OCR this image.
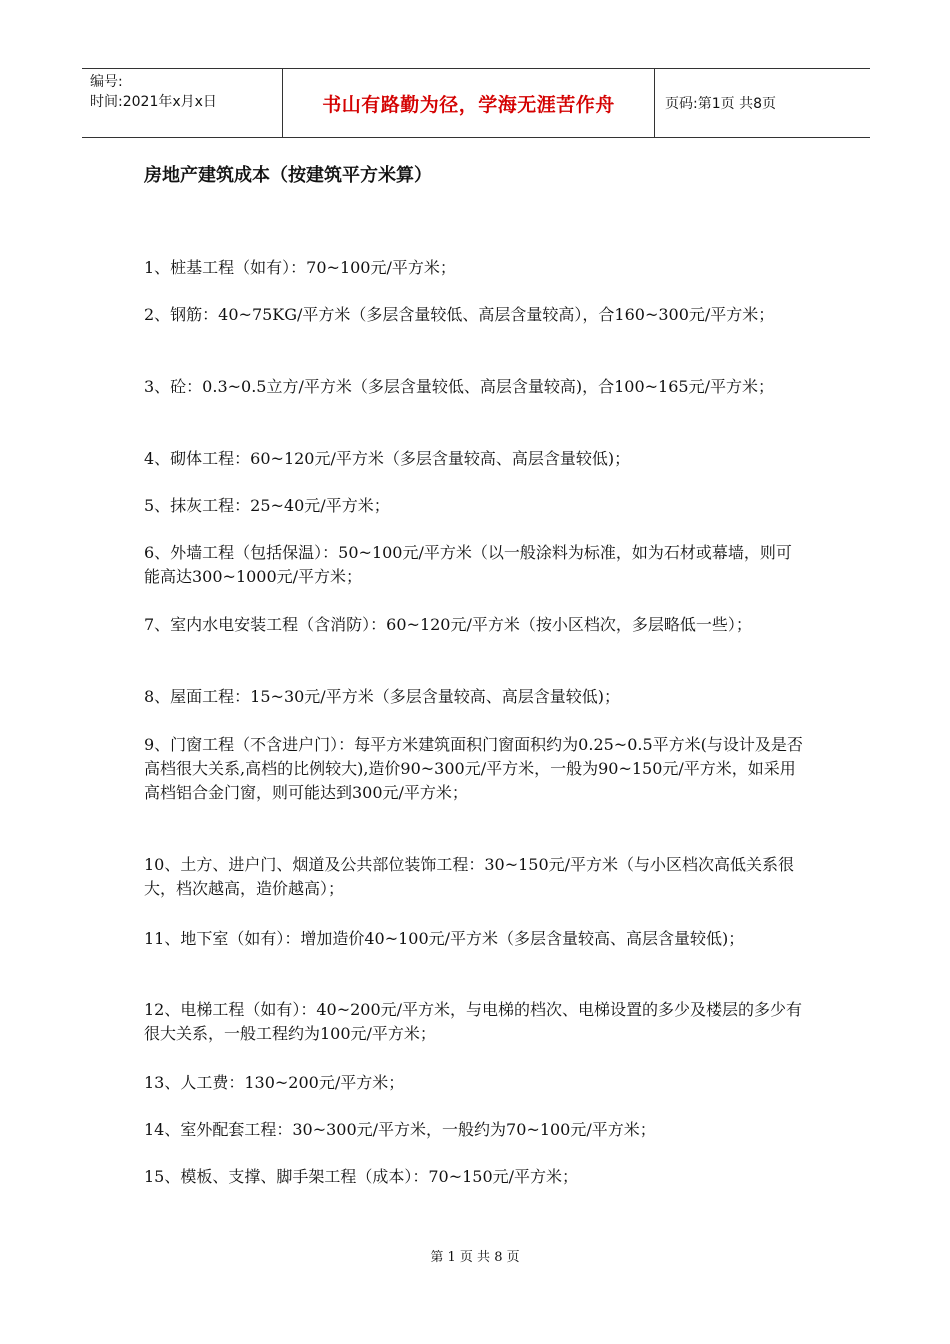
编号:
时间:2021年x月x日	书山有路勤为径，学海无涯苦作舟	页码:第1页 共8页
房地产建筑成本（按建筑平方米算）
1、桩基工程（如有）：70~100元/平方米；
2、钢筋：40~75KG/平方米（多层含量较低、高层含量较高），合160~300元/平方米；
3、砼：0.3~0.5立方/平方米（多层含量较低、高层含量较高)，合100~165元/平方米；
4、砌体工程：60~120元/平方米（多层含量较高、高层含量较低)；
5、抹灰工程：25~40元/平方米；
6、外墙工程（包括保温）：50~100元/平方米（以一般涂料为标准，如为石材或幕墙，则可能高达300~1000元/平方米；
7、室内水电安装工程（含消防）：60~120元/平方米（按小区档次，多层略低一些）；
8、屋面工程：15~30元/平方米（多层含量较高、高层含量较低)；
9、门窗工程（不含进户门）：每平方米建筑面积门窗面积约为0.25~0.5平方米(与设计及是否高档很大关系,高档的比例较大),造价90~300元/平方米，一般为90~150元/平方米，如采用高档铝合金门窗，则可能达到300元/平方米；
10、土方、进户门、烟道及公共部位装饰工程：30~150元/平方米（与小区档次高低关系很大，档次越高，造价越高）；
11、地下室（如有）：增加造价40~100元/平方米（多层含量较高、高层含量较低)；
12、电梯工程（如有）：40~200元/平方米，与电梯的档次、电梯设置的多少及楼层的多少有很大关系，一般工程约为100元/平方米；
13、人工费：130~200元/平方米；
14、室外配套工程：30~300元/平方米，一般约为70~100元/平方米；
15、模板、支撑、脚手架工程（成本）：70~150元/平方米；
第 1 页 共 8 页
